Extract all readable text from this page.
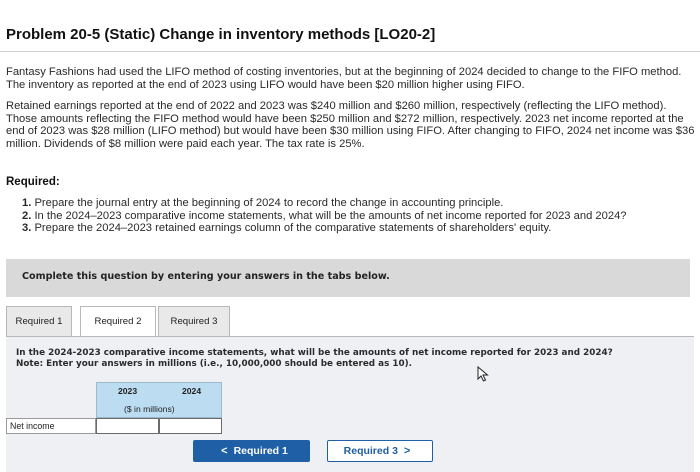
Problem 20-5 (Static) Change in inventory methods [LO20-2]
Fantasy Fashions had used the LIFO method of costing inventories, but at the beginning of 2024 decided to change to the FIFO method. The inventory as reported at the end of 2023 using LIFO would have been $20 million higher using FIFO.
Retained earnings reported at the end of 2022 and 2023 was $240 million and $260 million, respectively (reflecting the LIFO method). Those amounts reflecting the FIFO method would have been $250 million and $272 million, respectively. 2023 net income reported at the end of 2023 was $28 million (LIFO method) but would have been $30 million using FIFO. After changing to FIFO, 2024 net income was $36 million. Dividends of $8 million were paid each year. The tax rate is 25%.
Required:
1. Prepare the journal entry at the beginning of 2024 to record the change in accounting principle.
2. In the 2024–2023 comparative income statements, what will be the amounts of net income reported for 2023 and 2024?
3. Prepare the 2024–2023 retained earnings column of the comparative statements of shareholders' equity.
Complete this question by entering your answers in the tabs below.
Required 1	Required 2	Required 3
In the 2024-2023 comparative income statements, what will be the amounts of net income reported for 2023 and 2024?
Note: Enter your answers in millions (i.e., 10,000,000 should be entered as 10).
2023	2024
($ in millions)
Net income
< Required 1	Required 3 >
